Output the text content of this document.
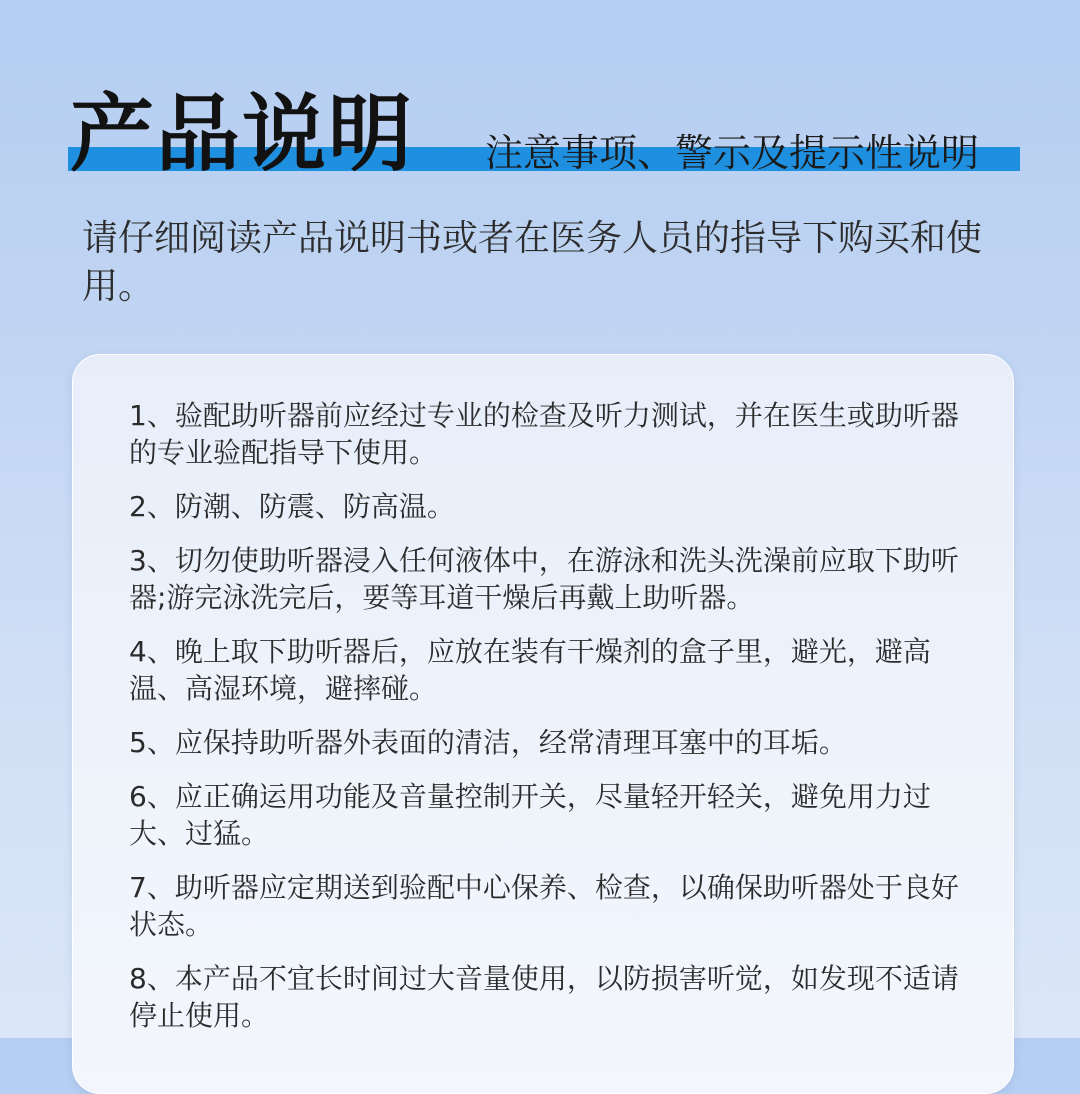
产品说明 注意事项、警示及提示性说明

请仔细阅读产品说明书或者在医务人员的指导下购买和使用。

1、验配助听器前应经过专业的检查及听力测试，并在医生或助听器的专业验配指导下使用。
2、防潮、防震、防高温。
3、切勿使助听器浸入任何液体中，在游泳和洗头洗澡前应取下助听器;游完泳洗完后，要等耳道干燥后再戴上助听器。
4、晚上取下助听器后，应放在装有干燥剂的盒子里，避光，避高温、高湿环境，避摔碰。
5、应保持助听器外表面的清洁，经常清理耳塞中的耳垢。
6、应正确运用功能及音量控制开关，尽量轻开轻关，避免用力过大、过猛。
7、助听器应定期送到验配中心保养、检查，以确保助听器处于良好状态。
8、本产品不宜长时间过大音量使用，以防损害听觉，如发现不适请停止使用。
